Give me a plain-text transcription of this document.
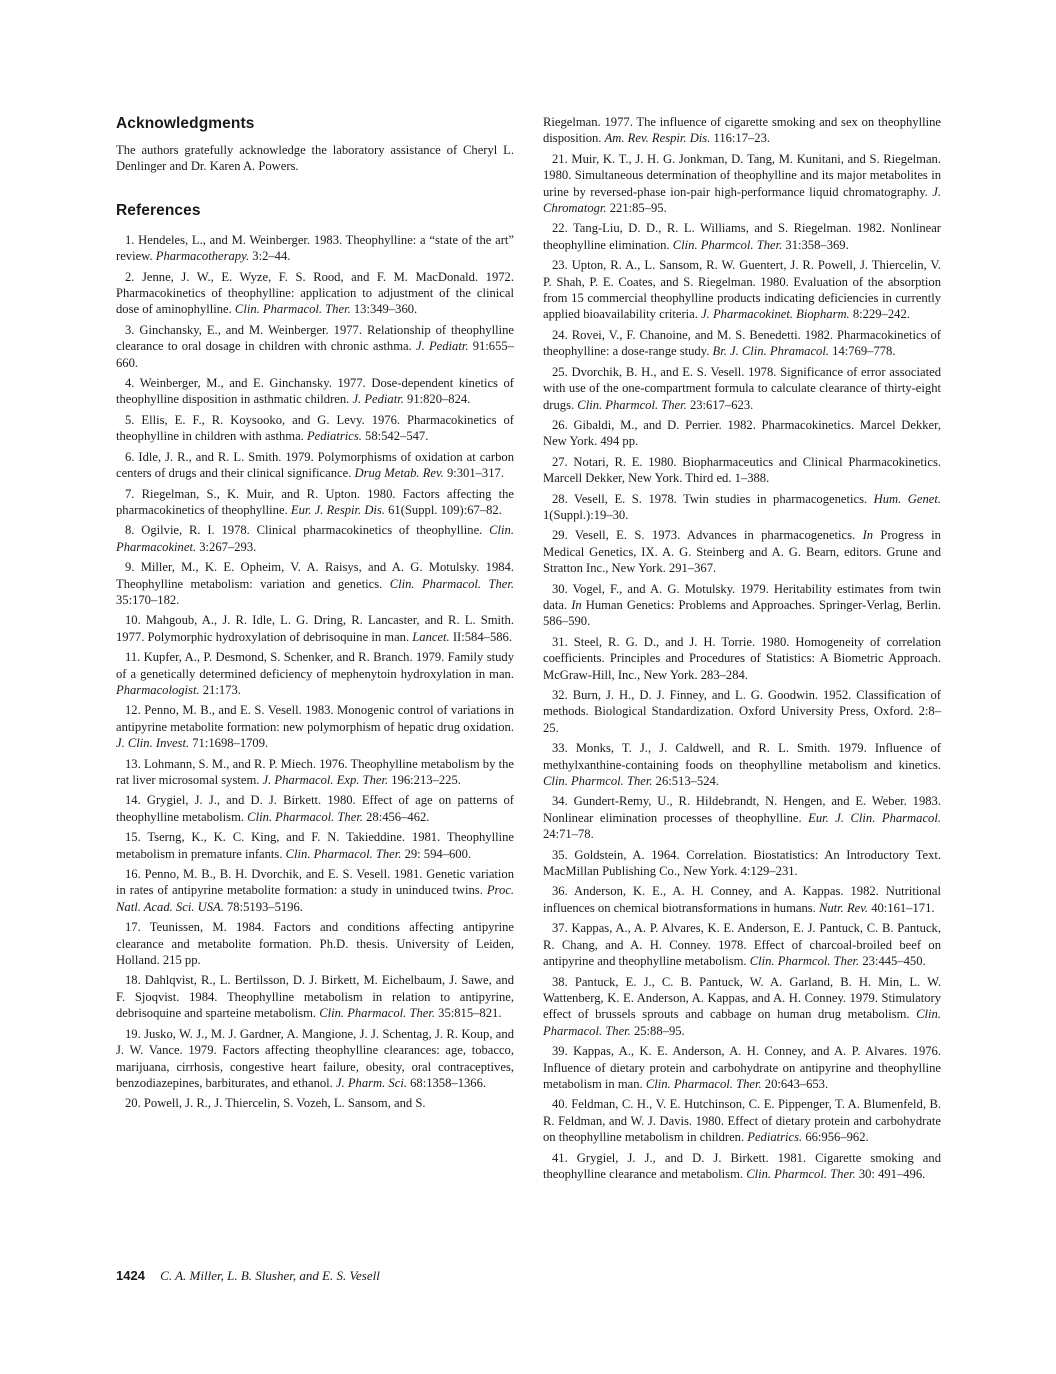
Acknowledgments

The authors gratefully acknowledge the laboratory assistance of Cheryl L. Denlinger and Dr. Karen A. Powers.

References

1. Hendeles, L., and M. Weinberger. 1983. Theophylline: a “state of the art” review. Pharmacotherapy. 3:2–44.

2. Jenne, J. W., E. Wyze, F. S. Rood, and F. M. MacDonald. 1972. Pharmacokinetics of theophylline: application to adjustment of the clinical dose of aminophylline. Clin. Pharmacol. Ther. 13:349–360.

3. Ginchansky, E., and M. Weinberger. 1977. Relationship of theophylline clearance to oral dosage in children with chronic asthma. J. Pediatr. 91:655–660.

4. Weinberger, M., and E. Ginchansky. 1977. Dose-dependent kinetics of theophylline disposition in asthmatic children. J. Pediatr. 91:820–824.

5. Ellis, E. F., R. Koysooko, and G. Levy. 1976. Pharmacokinetics of theophylline in children with asthma. Pediatrics. 58:542–547.

6. Idle, J. R., and R. L. Smith. 1979. Polymorphisms of oxidation at carbon centers of drugs and their clinical significance. Drug Metab. Rev. 9:301–317.

7. Riegelman, S., K. Muir, and R. Upton. 1980. Factors affecting the pharmacokinetics of theophylline. Eur. J. Respir. Dis. 61(Suppl. 109):67–82.

8. Ogilvie, R. I. 1978. Clinical pharmacokinetics of theophylline. Clin. Pharmacokinet. 3:267–293.

9. Miller, M., K. E. Opheim, V. A. Raisys, and A. G. Motulsky. 1984. Theophylline metabolism: variation and genetics. Clin. Pharmacol. Ther. 35:170–182.

10. Mahgoub, A., J. R. Idle, L. G. Dring, R. Lancaster, and R. L. Smith. 1977. Polymorphic hydroxylation of debrisoquine in man. Lancet. II:584–586.

11. Kupfer, A., P. Desmond, S. Schenker, and R. Branch. 1979. Family study of a genetically determined deficiency of mephenytoin hydroxylation in man. Pharmacologist. 21:173.

12. Penno, M. B., and E. S. Vesell. 1983. Monogenic control of variations in antipyrine metabolite formation: new polymorphism of hepatic drug oxidation. J. Clin. Invest. 71:1698–1709.

13. Lohmann, S. M., and R. P. Miech. 1976. Theophylline metabolism by the rat liver microsomal system. J. Pharmacol. Exp. Ther. 196:213–225.

14. Grygiel, J. J., and D. J. Birkett. 1980. Effect of age on patterns of theophylline metabolism. Clin. Pharmacol. Ther. 28:456–462.

15. Tserng, K., K. C. King, and F. N. Takieddine. 1981. Theophylline metabolism in premature infants. Clin. Pharmacol. Ther. 29: 594–600.

16. Penno, M. B., B. H. Dvorchik, and E. S. Vesell. 1981. Genetic variation in rates of antipyrine metabolite formation: a study in uninduced twins. Proc. Natl. Acad. Sci. USA. 78:5193–5196.

17. Teunissen, M. 1984. Factors and conditions affecting antipyrine clearance and metabolite formation. Ph.D. thesis. University of Leiden, Holland. 215 pp.

18. Dahlqvist, R., L. Bertilsson, D. J. Birkett, M. Eichelbaum, J. Sawe, and F. Sjoqvist. 1984. Theophylline metabolism in relation to antipyrine, debrisoquine and sparteine metabolism. Clin. Pharmacol. Ther. 35:815–821.

19. Jusko, W. J., M. J. Gardner, A. Mangione, J. J. Schentag, J. R. Koup, and J. W. Vance. 1979. Factors affecting theophylline clearances: age, tobacco, marijuana, cirrhosis, congestive heart failure, obesity, oral contraceptives, benzodiazepines, barbiturates, and ethanol. J. Pharm. Sci. 68:1358–1366.

20. Powell, J. R., J. Thiercelin, S. Vozeh, L. Sansom, and S.

Riegelman. 1977. The influence of cigarette smoking and sex on theophylline disposition. Am. Rev. Respir. Dis. 116:17–23.

21. Muir, K. T., J. H. G. Jonkman, D. Tang, M. Kunitani, and S. Riegelman. 1980. Simultaneous determination of theophylline and its major metabolites in urine by reversed-phase ion-pair high-performance liquid chromatography. J. Chromatogr. 221:85–95.

22. Tang-Liu, D. D., R. L. Williams, and S. Riegelman. 1982. Nonlinear theophylline elimination. Clin. Pharmcol. Ther. 31:358–369.

23. Upton, R. A., L. Sansom, R. W. Guentert, J. R. Powell, J. Thiercelin, V. P. Shah, P. E. Coates, and S. Riegelman. 1980. Evaluation of the absorption from 15 commercial theophylline products indicating deficiencies in currently applied bioavailability criteria. J. Pharmacokinet. Biopharm. 8:229–242.

24. Rovei, V., F. Chanoine, and M. S. Benedetti. 1982. Pharmacokinetics of theophylline: a dose-range study. Br. J. Clin. Phramacol. 14:769–778.

25. Dvorchik, B. H., and E. S. Vesell. 1978. Significance of error associated with use of the one-compartment formula to calculate clearance of thirty-eight drugs. Clin. Pharmcol. Ther. 23:617–623.

26. Gibaldi, M., and D. Perrier. 1982. Pharmacokinetics. Marcel Dekker, New York. 494 pp.

27. Notari, R. E. 1980. Biopharmaceutics and Clinical Pharmacokinetics. Marcell Dekker, New York. Third ed. 1–388.

28. Vesell, E. S. 1978. Twin studies in pharmacogenetics. Hum. Genet. 1(Suppl.):19–30.

29. Vesell, E. S. 1973. Advances in pharmacogenetics. In Progress in Medical Genetics, IX. A. G. Steinberg and A. G. Bearn, editors. Grune and Stratton Inc., New York. 291–367.

30. Vogel, F., and A. G. Motulsky. 1979. Heritability estimates from twin data. In Human Genetics: Problems and Approaches. Springer-Verlag, Berlin. 586–590.

31. Steel, R. G. D., and J. H. Torrie. 1980. Homogeneity of correlation coefficients. Principles and Procedures of Statistics: A Biometric Approach. McGraw-Hill, Inc., New York. 283–284.

32. Burn, J. H., D. J. Finney, and L. G. Goodwin. 1952. Classification of methods. Biological Standardization. Oxford University Press, Oxford. 2:8–25.

33. Monks, T. J., J. Caldwell, and R. L. Smith. 1979. Influence of methylxanthine-containing foods on theophylline metabolism and kinetics. Clin. Pharmcol. Ther. 26:513–524.

34. Gundert-Remy, U., R. Hildebrandt, N. Hengen, and E. Weber. 1983. Nonlinear elimination processes of theophylline. Eur. J. Clin. Pharmacol. 24:71–78.

35. Goldstein, A. 1964. Correlation. Biostatistics: An Introductory Text. MacMillan Publishing Co., New York. 4:129–231.

36. Anderson, K. E., A. H. Conney, and A. Kappas. 1982. Nutritional influences on chemical biotransformations in humans. Nutr. Rev. 40:161–171.

37. Kappas, A., A. P. Alvares, K. E. Anderson, E. J. Pantuck, C. B. Pantuck, R. Chang, and A. H. Conney. 1978. Effect of charcoal-broiled beef on antipyrine and theophylline metabolism. Clin. Pharmcol. Ther. 23:445–450.

38. Pantuck, E. J., C. B. Pantuck, W. A. Garland, B. H. Min, L. W. Wattenberg, K. E. Anderson, A. Kappas, and A. H. Conney. 1979. Stimulatory effect of brussels sprouts and cabbage on human drug metabolism. Clin. Pharmacol. Ther. 25:88–95.

39. Kappas, A., K. E. Anderson, A. H. Conney, and A. P. Alvares. 1976. Influence of dietary protein and carbohydrate on antipyrine and theophylline metabolism in man. Clin. Pharmacol. Ther. 20:643–653.

40. Feldman, C. H., V. E. Hutchinson, C. E. Pippenger, T. A. Blumenfeld, B. R. Feldman, and W. J. Davis. 1980. Effect of dietary protein and carbohydrate on theophylline metabolism in children. Pediatrics. 66:956–962.

41. Grygiel, J. J., and D. J. Birkett. 1981. Cigarette smoking and theophylline clearance and metabolism. Clin. Pharmcol. Ther. 30: 491–496.

1424 C. A. Miller, L. B. Slusher, and E. S. Vesell
